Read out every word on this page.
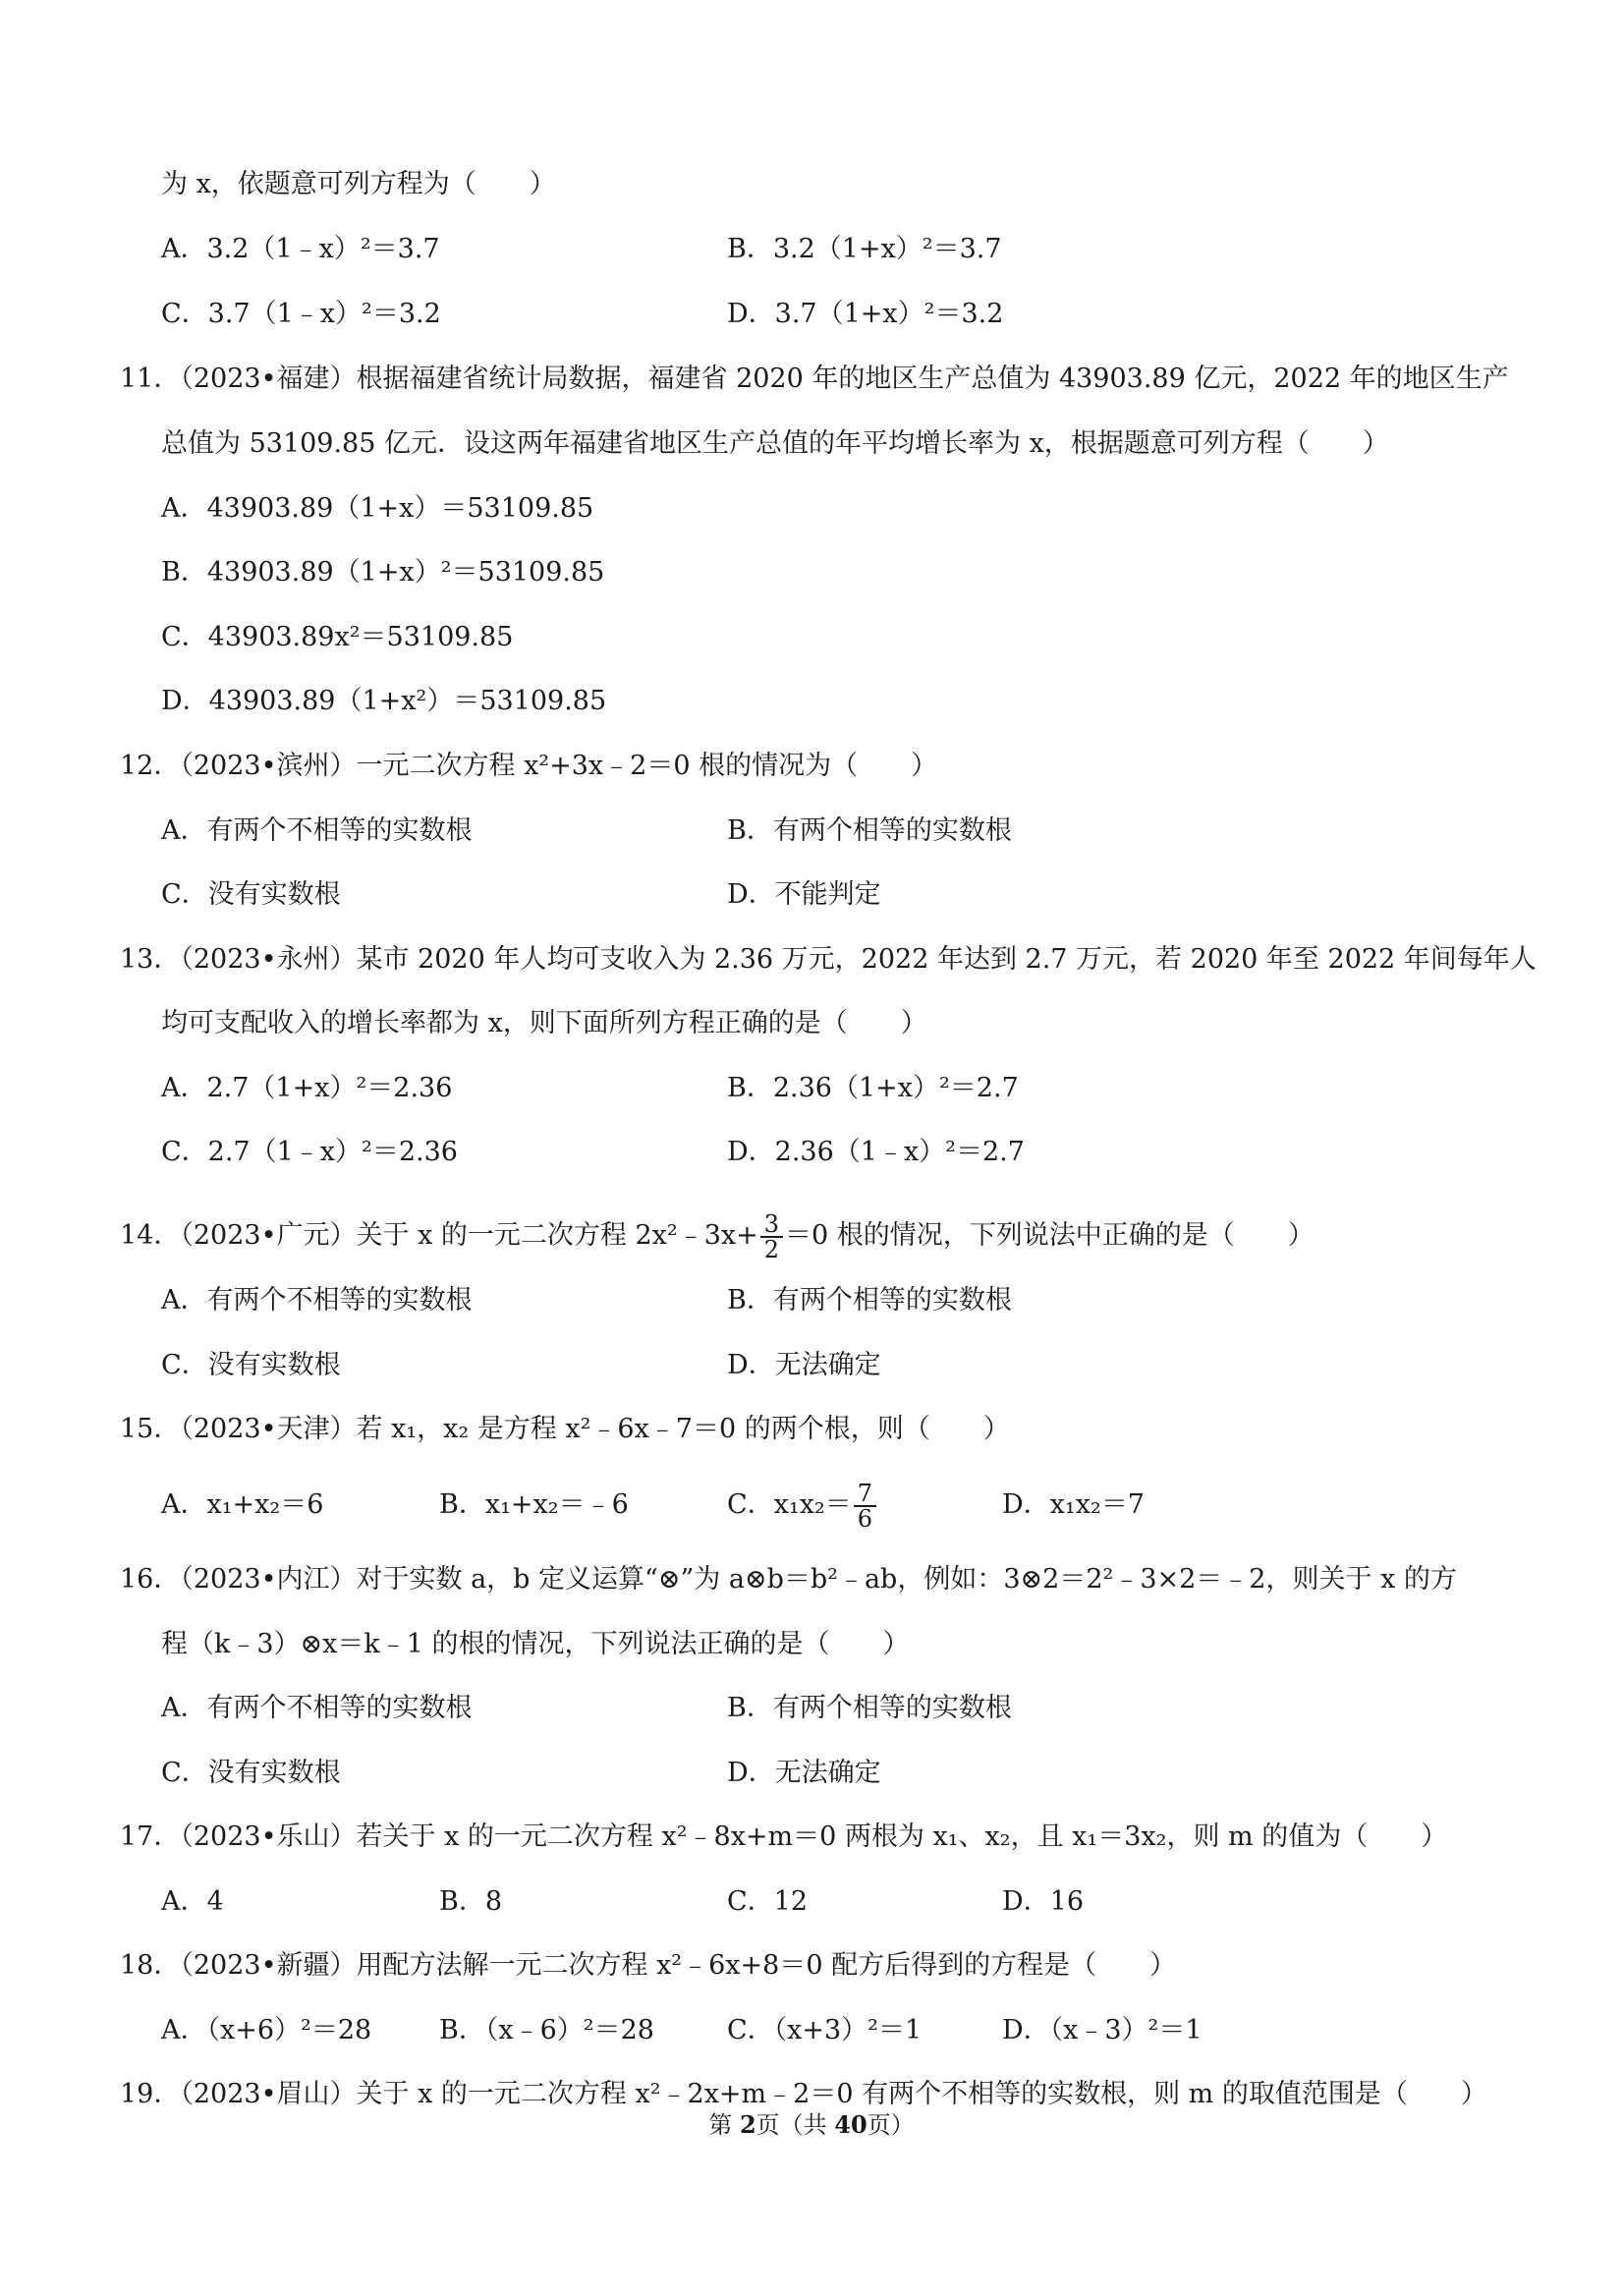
为 x，依题意可列方程为（　　）
A．3.2（1﹣x）²＝3.7	B．3.2（1+x）²＝3.7
C．3.7（1﹣x）²＝3.2	D．3.7（1+x）²＝3.2
11．（2023•福建）根据福建省统计局数据，福建省 2020 年的地区生产总值为 43903.89 亿元，2022 年的地区生产
总值为 53109.85 亿元．设这两年福建省地区生产总值的年平均增长率为 x，根据题意可列方程（　　）
A．43903.89（1+x）＝53109.85
B．43903.89（1+x）²＝53109.85
C．43903.89x²＝53109.85
D．43903.89（1+x²）＝53109.85
12．（2023•滨州）一元二次方程 x²+3x﹣2＝0 根的情况为（　　）
A．有两个不相等的实数根	B．有两个相等的实数根
C．没有实数根	D．不能判定
13．（2023•永州）某市 2020 年人均可支收入为 2.36 万元，2022 年达到 2.7 万元，若 2020 年至 2022 年间每年人
均可支配收入的增长率都为 x，则下面所列方程正确的是（　　）
A．2.7（1+x）²＝2.36	B．2.36（1+x）²＝2.7
C．2.7（1﹣x）²＝2.36	D．2.36（1﹣x）²＝2.7
14．（2023•广元）关于 x 的一元二次方程 2x²﹣3x+ $\frac{3}{2} =0$ 根的情况，下列说法中正确的是（　　）
A．有两个不相等的实数根	B．有两个相等的实数根
C．没有实数根	D．无法确定
15．（2023•天津）若 x₁，x₂ 是方程 x²﹣6x﹣7＝0 的两个根，则（　　）
A．x₁+x₂＝6	B．x₁+x₂＝﹣6	C．$x_1x_2= \frac{7}{6}$	D．x₁x₂＝7
16．（2023•内江）对于实数 a，b 定义运算“⊗”为 a⊗b＝b²﹣ab，例如：3⊗2＝2²﹣3×2＝﹣2，则关于 x 的方
程（k﹣3）⊗x＝k﹣1 的根的情况，下列说法正确的是（　　）
A．有两个不相等的实数根	B．有两个相等的实数根
C．没有实数根	D．无法确定
17．（2023•乐山）若关于 x 的一元二次方程 x²﹣8x+m＝0 两根为 x₁、x₂，且 x₁＝3x₂，则 m 的值为（　　）
A．4	B．8	C．12	D．16
18．（2023•新疆）用配方法解一元二次方程 x²﹣6x+8＝0 配方后得到的方程是（　　）
A．（x+6）²＝28	B．（x﹣6）²＝28	C．（x+3）²＝1	D．（x﹣3）²＝1
19．（2023•眉山）关于 x 的一元二次方程 x²﹣2x+m﹣2＝0 有两个不相等的实数根，则 m 的取值范围是（　　）
第 2页（共 40页）
